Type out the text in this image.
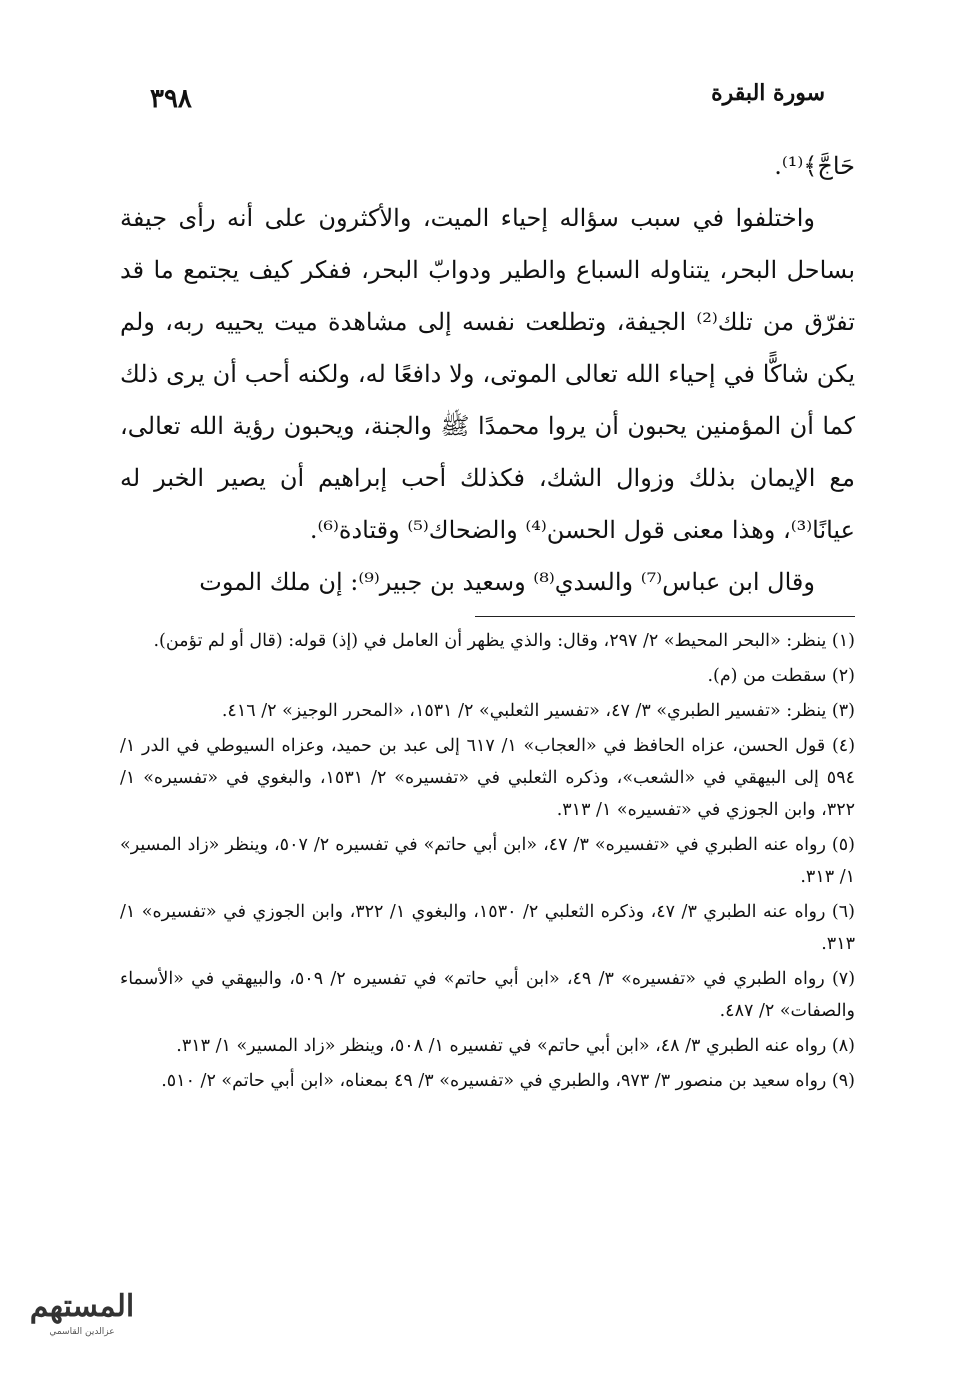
سورة البقرة
٣٩٨

حَاجَّ﴾⁽¹⁾.

واختلفوا في سبب سؤاله إحياء الميت، والأكثرون على أنه رأى جيفة بساحل البحر، يتناوله السباع والطير ودوابّ البحر، ففكر كيف يجتمع ما قد تفرّق من تلك⁽²⁾ الجيفة، وتطلعت نفسه إلى مشاهدة ميت يحييه ربه، ولم يكن شاكًّا في إحياء الله تعالى الموتى، ولا دافعًا له، ولكنه أحب أن يرى ذلك كما أن المؤمنين يحبون أن يروا محمدًا ﷺ والجنة، ويحبون رؤية الله تعالى، مع الإيمان بذلك وزوال الشك، فكذلك أحب إبراهيم أن يصير الخبر له عيانًا⁽³⁾، وهذا معنى قول الحسن⁽⁴⁾ والضحاك⁽⁵⁾ وقتادة⁽⁶⁾.

وقال ابن عباس⁽⁷⁾ والسدي⁽⁸⁾ وسعيد بن جبير⁽⁹⁾: إن ملك الموت

(١) ينظر: «البحر المحيط» ٢/ ٢٩٧، وقال: والذي يظهر أن العامل في (إذ) قوله: (قال أو لم تؤمن).

(٢) سقطت من (م).

(٣) ينظر: «تفسير الطبري» ٣/ ٤٧، «تفسير الثعلبي» ٢/ ١٥٣١، «المحرر الوجيز» ٢/ ٤١٦.

(٤) قول الحسن، عزاه الحافظ في «العجاب» ١/ ٦١٧ إلى عبد بن حميد، وعزاه السيوطي في الدر ١/ ٥٩٤ إلى البيهقي في «الشعب»، وذكره الثعلبي في «تفسيره» ٢/ ١٥٣١، والبغوي في «تفسيره» ١/ ٣٢٢، وابن الجوزي في «تفسيره» ١/ ٣١٣.

(٥) رواه عنه الطبري في «تفسيره» ٣/ ٤٧، «ابن أبي حاتم» في تفسيره ٢/ ٥٠٧، وينظر «زاد المسير» ١/ ٣١٣.

(٦) رواه عنه الطبري ٣/ ٤٧، وذكره الثعلبي ٢/ ١٥٣٠، والبغوي ١/ ٣٢٢، وابن الجوزي في «تفسيره» ١/ ٣١٣.

(٧) رواه الطبري في «تفسيره» ٣/ ٤٩، «ابن أبي حاتم» في تفسيره ٢/ ٥٠٩، والبيهقي في «الأسماء والصفات» ٢/ ٤٨٧.

(٨) رواه عنه الطبري ٣/ ٤٨، «ابن أبي حاتم» في تفسيره ١/ ٥٠٨، وينظر «زاد المسير» ١/ ٣١٣.

(٩) رواه سعيد بن منصور ٣/ ٩٧٣، والطبري في «تفسيره» ٣/ ٤٩ بمعناه، «ابن أبي حاتم» ٢/ ٥١٠.

المستهم
عزالدين القاسمي
